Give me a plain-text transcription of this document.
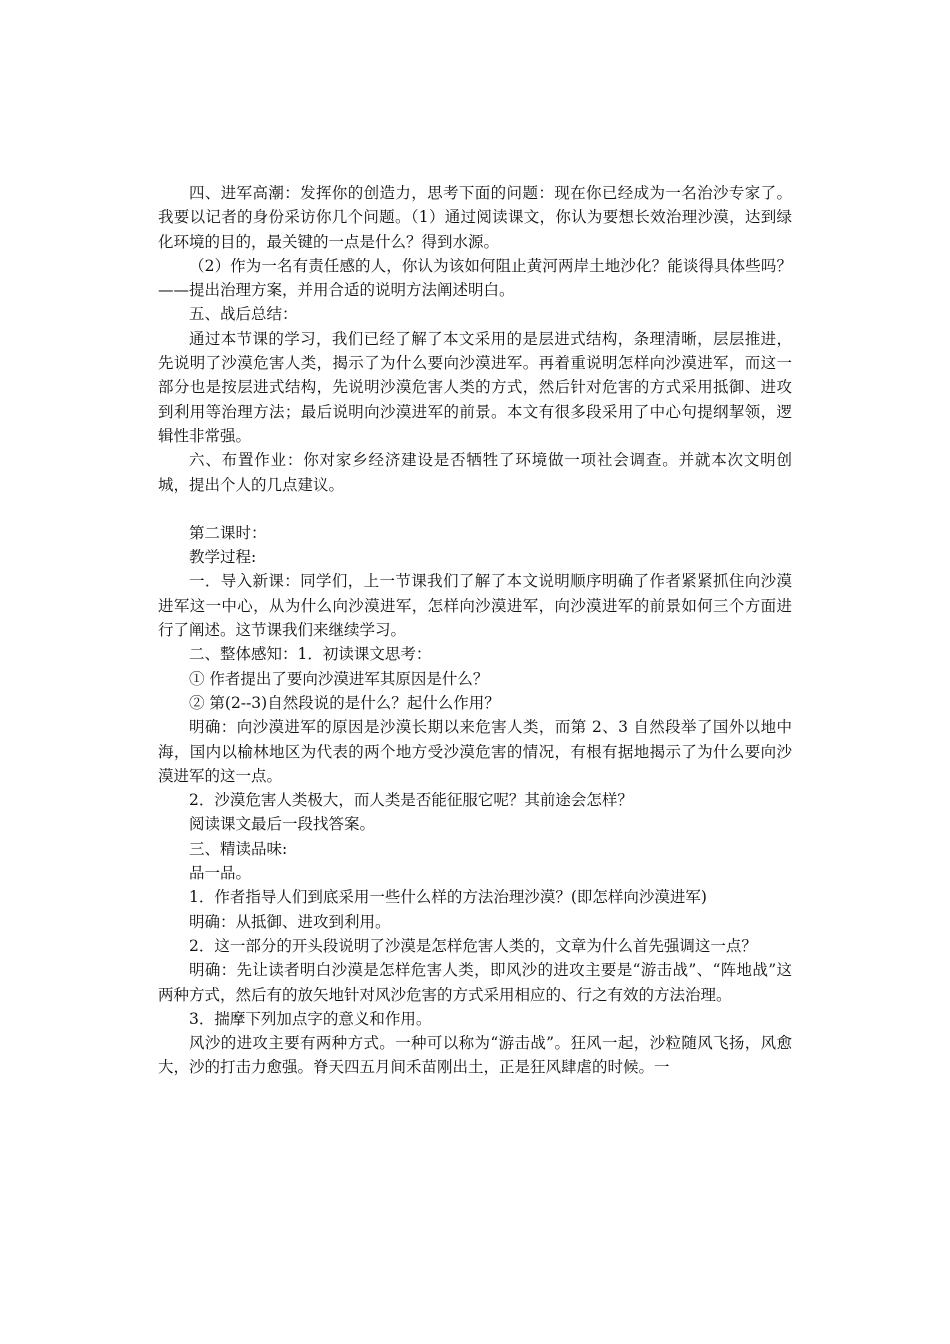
四、进军高潮：发挥你的创造力，思考下面的问题：现在你已经成为一名治沙专家了。我要以记者的身份采访你几个问题。（1）通过阅读课文，你认为要想长效治理沙漠，达到绿化环境的目的，最关键的一点是什么？得到水源。

（2）作为一名有责任感的人，你认为该如何阻止黄河两岸土地沙化？能谈得具体些吗？——提出治理方案，并用合适的说明方法阐述明白。

五、战后总结：

通过本节课的学习，我们已经了解了本文采用的是层进式结构，条理清晰，层层推进，先说明了沙漠危害人类，揭示了为什么要向沙漠进军。再着重说明怎样向沙漠进军，而这一部分也是按层进式结构，先说明沙漠危害人类的方式，然后针对危害的方式采用抵御、进攻到利用等治理方法；最后说明向沙漠进军的前景。本文有很多段采用了中心句提纲挈领，逻辑性非常强。

六、布置作业：你对家乡经济建设是否牺牲了环境做一项社会调查。并就本次文明创城，提出个人的几点建议。

第二课时：

教学过程:

一．导入新课：同学们，上一节课我们了解了本文说明顺序明确了作者紧紧抓住向沙漠进军这一中心，从为什么向沙漠进军，怎样向沙漠进军，向沙漠进军的前景如何三个方面进行了阐述。这节课我们来继续学习。

二、整体感知：1．初读课文思考：

① 作者提出了要向沙漠进军其原因是什么？

② 第(2--3)自然段说的是什么？起什么作用？

明确：向沙漠进军的原因是沙漠长期以来危害人类，而第 2、3 自然段举了国外以地中海，国内以榆林地区为代表的两个地方受沙漠危害的情况，有根有据地揭示了为什么要向沙漠进军的这一点。

2．沙漠危害人类极大，而人类是否能征服它呢？其前途会怎样？

阅读课文最后一段找答案。

三、精读品味:

品一品。

1．作者指导人们到底采用一些什么样的方法治理沙漠？(即怎样向沙漠进军)

明确：从抵御、进攻到利用。

2．这一部分的开头段说明了沙漠是怎样危害人类的，文章为什么首先强调这一点？

明确：先让读者明白沙漠是怎样危害人类，即风沙的进攻主要是“游击战”、“阵地战”这两种方式，然后有的放矢地针对风沙危害的方式采用相应的、行之有效的方法治理。

3．揣摩下列加点字的意义和作用。

风沙的进攻主要有两种方式。一种可以称为“游击战”。狂风一起，沙粒随风飞扬，风愈大，沙的打击力愈强。脊天四五月间禾苗刚出土，正是狂风肆虐的时候。一
